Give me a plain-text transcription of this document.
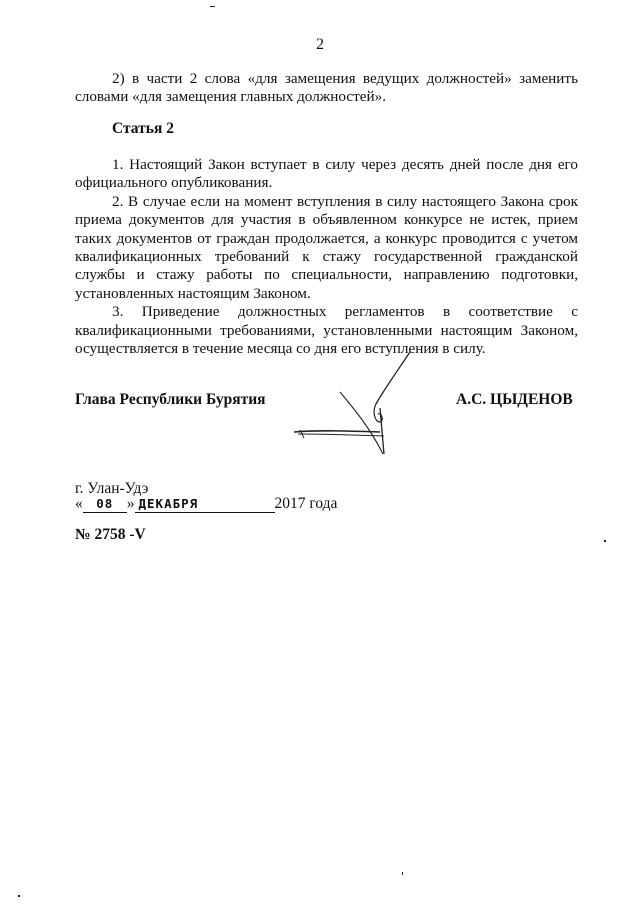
2

2) в части 2 слова «для замещения ведущих должностей» заменить словами «для замещения главных должностей».

Статья 2

1. Настоящий Закон вступает в силу через десять дней после дня его официального опубликования.

2. В случае если на момент вступления в силу настоящего Закона срок приема документов для участия в объявленном конкурсе не истек, прием таких документов от граждан продолжается, а конкурс проводится с учетом квалификационных требований к стажу государственной гражданской службы и стажу работы по специальности, направлению подготовки, установленных настоящим Законом.

3. Приведение должностных регламентов в соответствие с квалификационными требованиями, установленными настоящим Законом, осуществляется в течение месяца со дня его вступления в силу.

Глава Республики Бурятия	А.С. ЦЫДЕНОВ
г. Улан-Удэ
« 08 » ДЕКАБРЯ	2017 года
№ 2758 -V
